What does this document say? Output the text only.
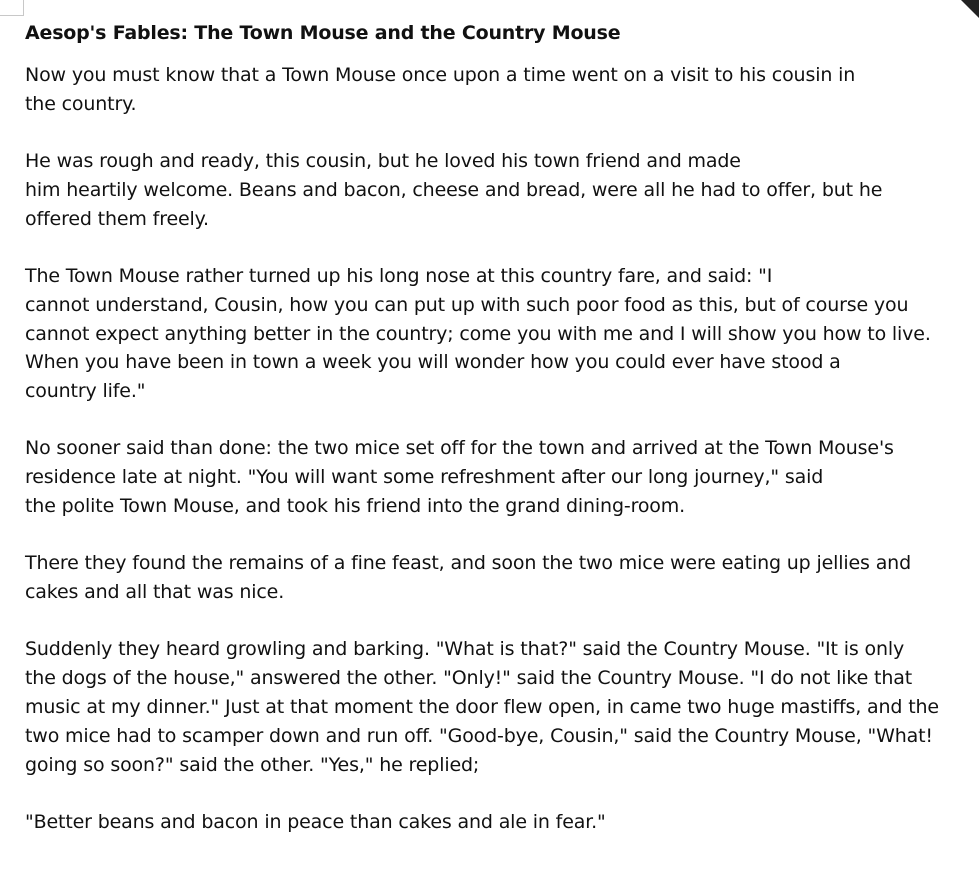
Aesop's Fables: The Town Mouse and the Country Mouse

Now you must know that a Town Mouse once upon a time went on a visit to his cousin in
the country.

He was rough and ready, this cousin, but he loved his town friend and made
him heartily welcome. Beans and bacon, cheese and bread, were all he had to offer, but he
offered them freely.

The Town Mouse rather turned up his long nose at this country fare, and said: "I
cannot understand, Cousin, how you can put up with such poor food as this, but of course you
cannot expect anything better in the country; come you with me and I will show you how to live.
When you have been in town a week you will wonder how you could ever have stood a
country life."

No sooner said than done: the two mice set off for the town and arrived at the Town Mouse's
residence late at night. "You will want some refreshment after our long journey," said
the polite Town Mouse, and took his friend into the grand dining-room.

There they found the remains of a fine feast, and soon the two mice were eating up jellies and
cakes and all that was nice.

Suddenly they heard growling and barking. "What is that?" said the Country Mouse. "It is only
the dogs of the house," answered the other. "Only!" said the Country Mouse. "I do not like that
music at my dinner." Just at that moment the door flew open, in came two huge mastiffs, and the
two mice had to scamper down and run off. "Good-bye, Cousin," said the Country Mouse, "What!
going so soon?" said the other. "Yes," he replied;

"Better beans and bacon in peace than cakes and ale in fear."
